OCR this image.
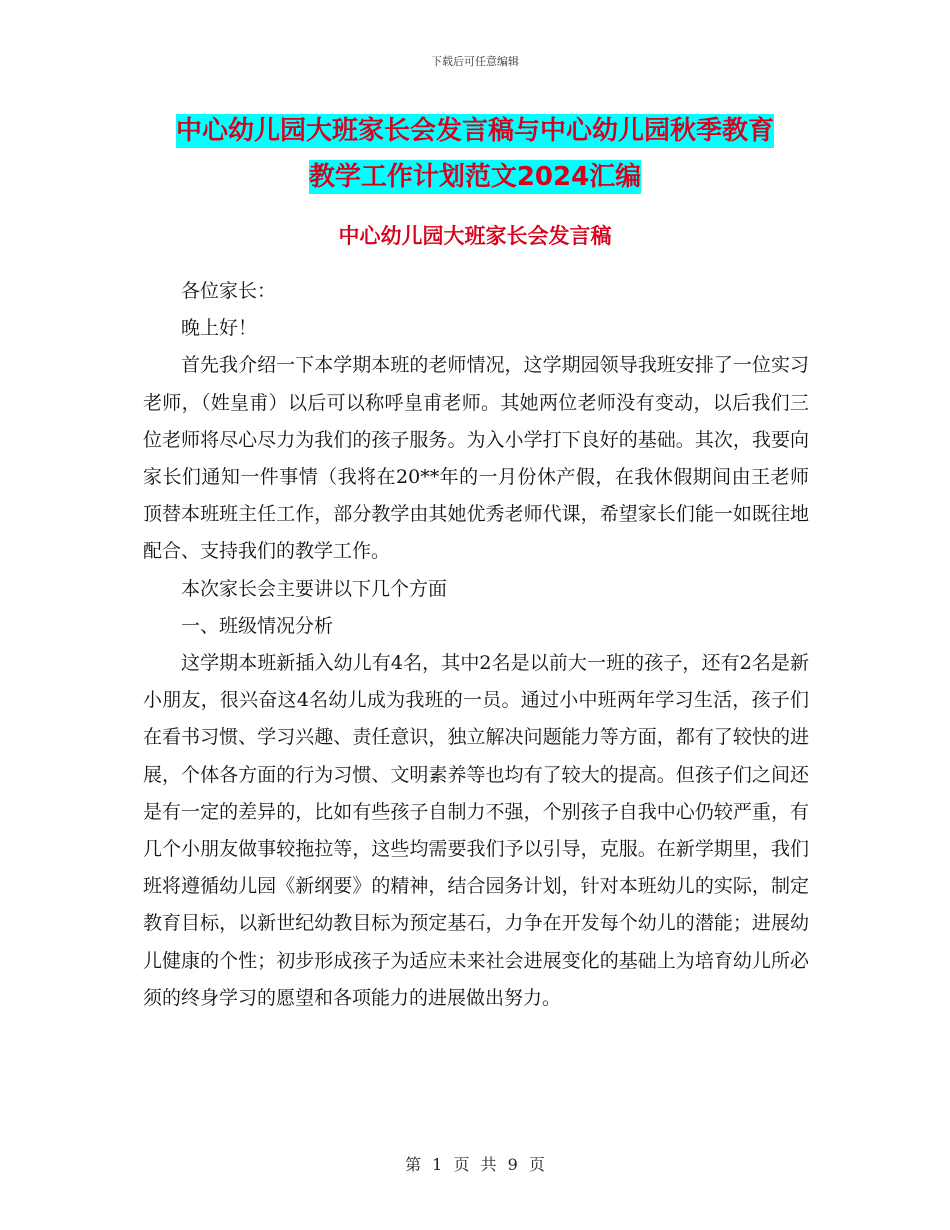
下载后可任意编辑
中心幼儿园大班家长会发言稿与中心幼儿园秋季教育
教学工作计划范文2024汇编
中心幼儿园大班家长会发言稿

各位家长：

晚上好！

首先我介绍一下本学期本班的老师情况，这学期园领导我班安排了一位实习老师，（姓皇甫）以后可以称呼皇甫老师。其她两位老师没有变动，以后我们三位老师将尽心尽力为我们的孩子服务。为入小学打下良好的基础。其次，我要向家长们通知一件事情（我将在20**年的一月份休产假，在我休假期间由王老师顶替本班班主任工作，部分教学由其她优秀老师代课，希望家长们能一如既往地配合、支持我们的教学工作。

本次家长会主要讲以下几个方面

一、班级情况分析

这学期本班新插入幼儿有4名，其中2名是以前大一班的孩子，还有2名是新小朋友，很兴奋这4名幼儿成为我班的一员。通过小中班两年学习生活，孩子们在看书习惯、学习兴趣、责任意识，独立解决问题能力等方面，都有了较快的进展，个体各方面的行为习惯、文明素养等也均有了较大的提高。但孩子们之间还是有一定的差异的，比如有些孩子自制力不强，个别孩子自我中心仍较严重，有几个小朋友做事较拖拉等，这些均需要我们予以引导，克服。在新学期里，我们班将遵循幼儿园《新纲要》的精神，结合园务计划，针对本班幼儿的实际，制定教育目标，以新世纪幼教目标为预定基石，力争在开发每个幼儿的潜能；进展幼儿健康的个性；初步形成孩子为适应未来社会进展变化的基础上为培育幼儿所必须的终身学习的愿望和各项能力的进展做出努力。

第 1 页 共 9 页
